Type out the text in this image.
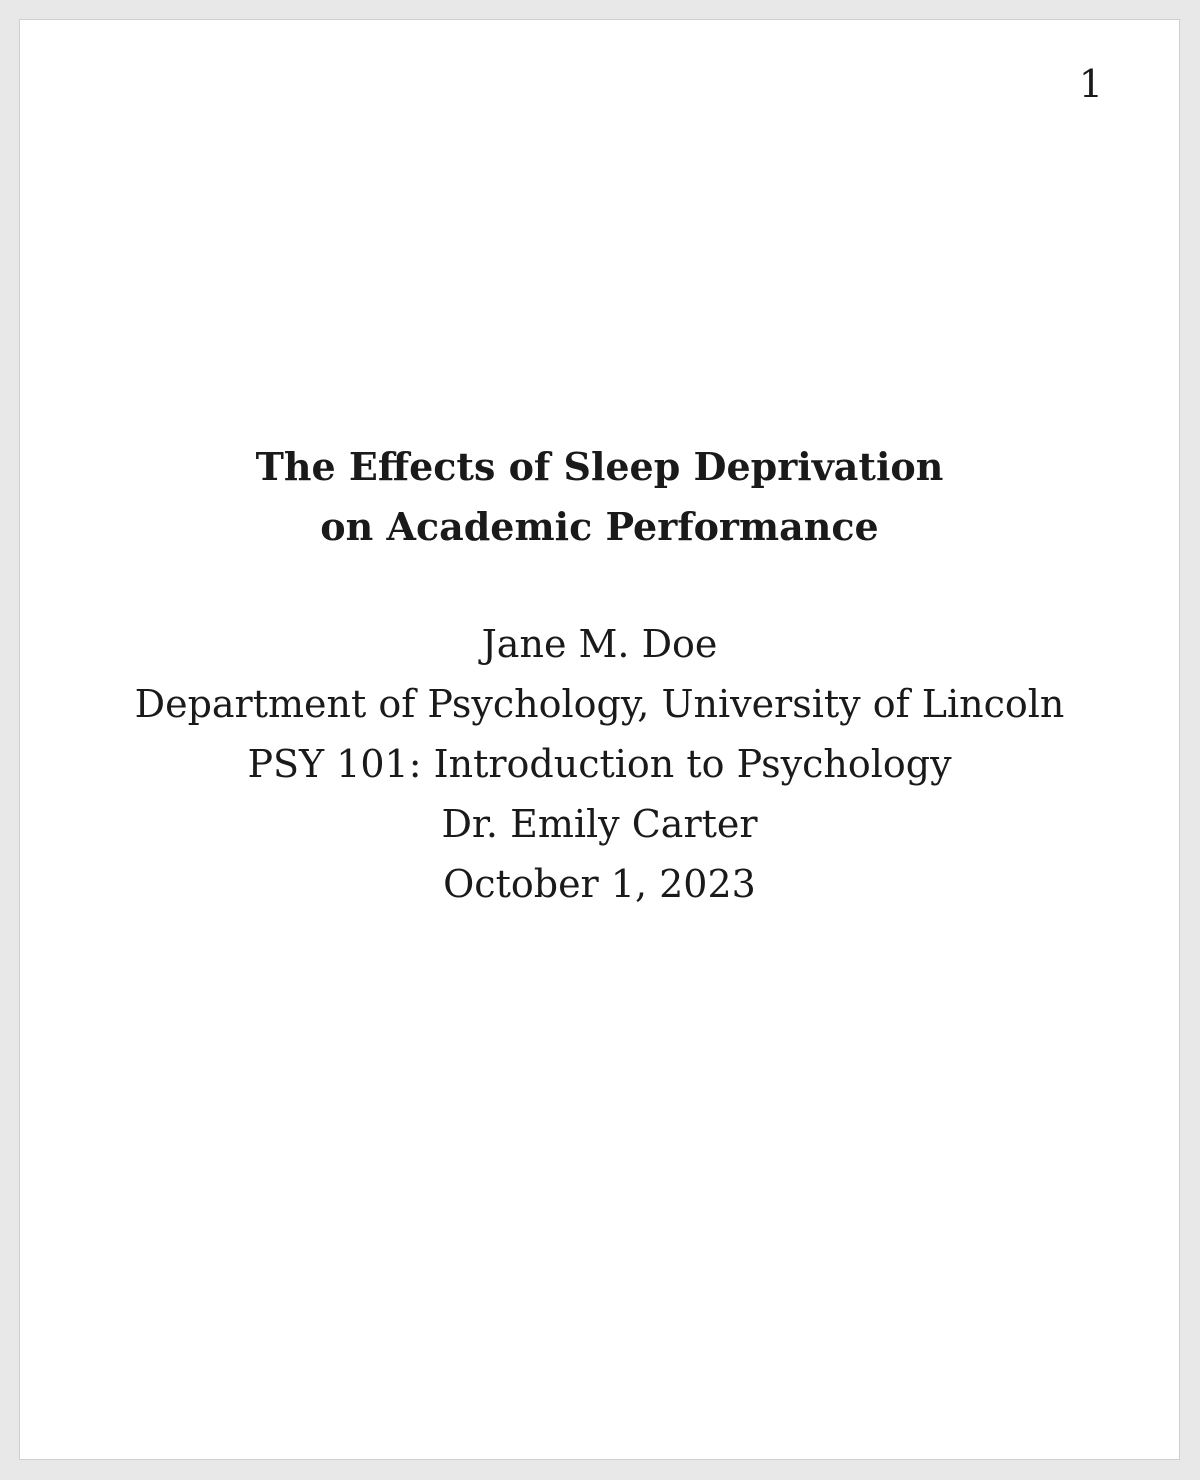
1
The Effects of Sleep Deprivation
on Academic Performance
Jane M. Doe
Department of Psychology, University of Lincoln
PSY 101: Introduction to Psychology
Dr. Emily Carter
October 1, 2023
